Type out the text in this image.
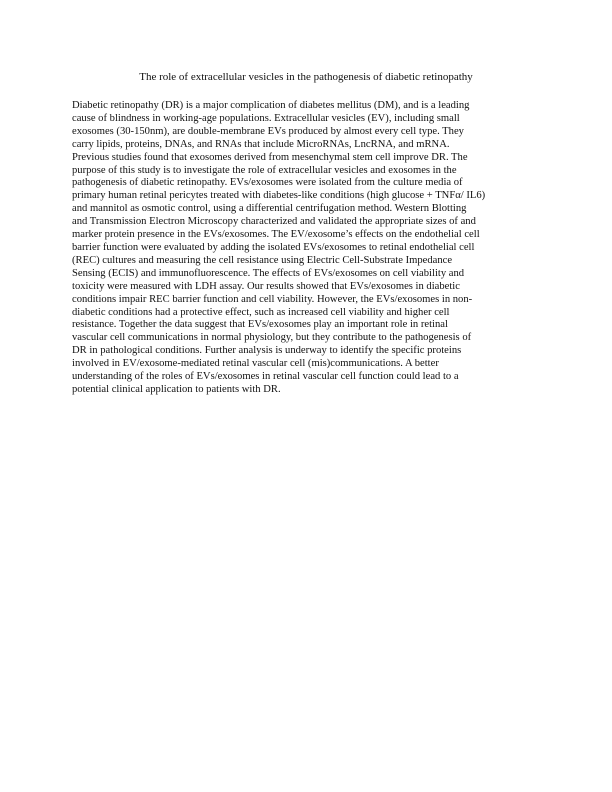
The role of extracellular vesicles in the pathogenesis of diabetic retinopathy
Diabetic retinopathy (DR) is a major complication of diabetes mellitus (DM), and is a leading
cause of blindness in working-age populations. Extracellular vesicles (EV), including small
exosomes (30-150nm), are double-membrane EVs produced by almost every cell type. They
carry lipids, proteins, DNAs, and RNAs that include MicroRNAs, LncRNA, and mRNA.
Previous studies found that exosomes derived from mesenchymal stem cell improve DR. The
purpose of this study is to investigate the role of extracellular vesicles and exosomes in the
pathogenesis of diabetic retinopathy. EVs/exosomes were isolated from the culture media of
primary human retinal pericytes treated with diabetes-like conditions (high glucose + TNFα/ IL6)
and mannitol as osmotic control, using a differential centrifugation method. Western Blotting
and Transmission Electron Microscopy characterized and validated the appropriate sizes of and
marker protein presence in the EVs/exosomes. The EV/exosome’s effects on the endothelial cell
barrier function were evaluated by adding the isolated EVs/exosomes to retinal endothelial cell
(REC) cultures and measuring the cell resistance using Electric Cell-Substrate Impedance
Sensing (ECIS) and immunofluorescence. The effects of EVs/exosomes on cell viability and
toxicity were measured with LDH assay. Our results showed that EVs/exosomes in diabetic
conditions impair REC barrier function and cell viability. However, the EVs/exosomes in non-
diabetic conditions had a protective effect, such as increased cell viability and higher cell
resistance. Together the data suggest that EVs/exosomes play an important role in retinal
vascular cell communications in normal physiology, but they contribute to the pathogenesis of
DR in pathological conditions. Further analysis is underway to identify the specific proteins
involved in EV/exosome-mediated retinal vascular cell (mis)communications. A better
understanding of the roles of EVs/exosomes in retinal vascular cell function could lead to a
potential clinical application to patients with DR.
